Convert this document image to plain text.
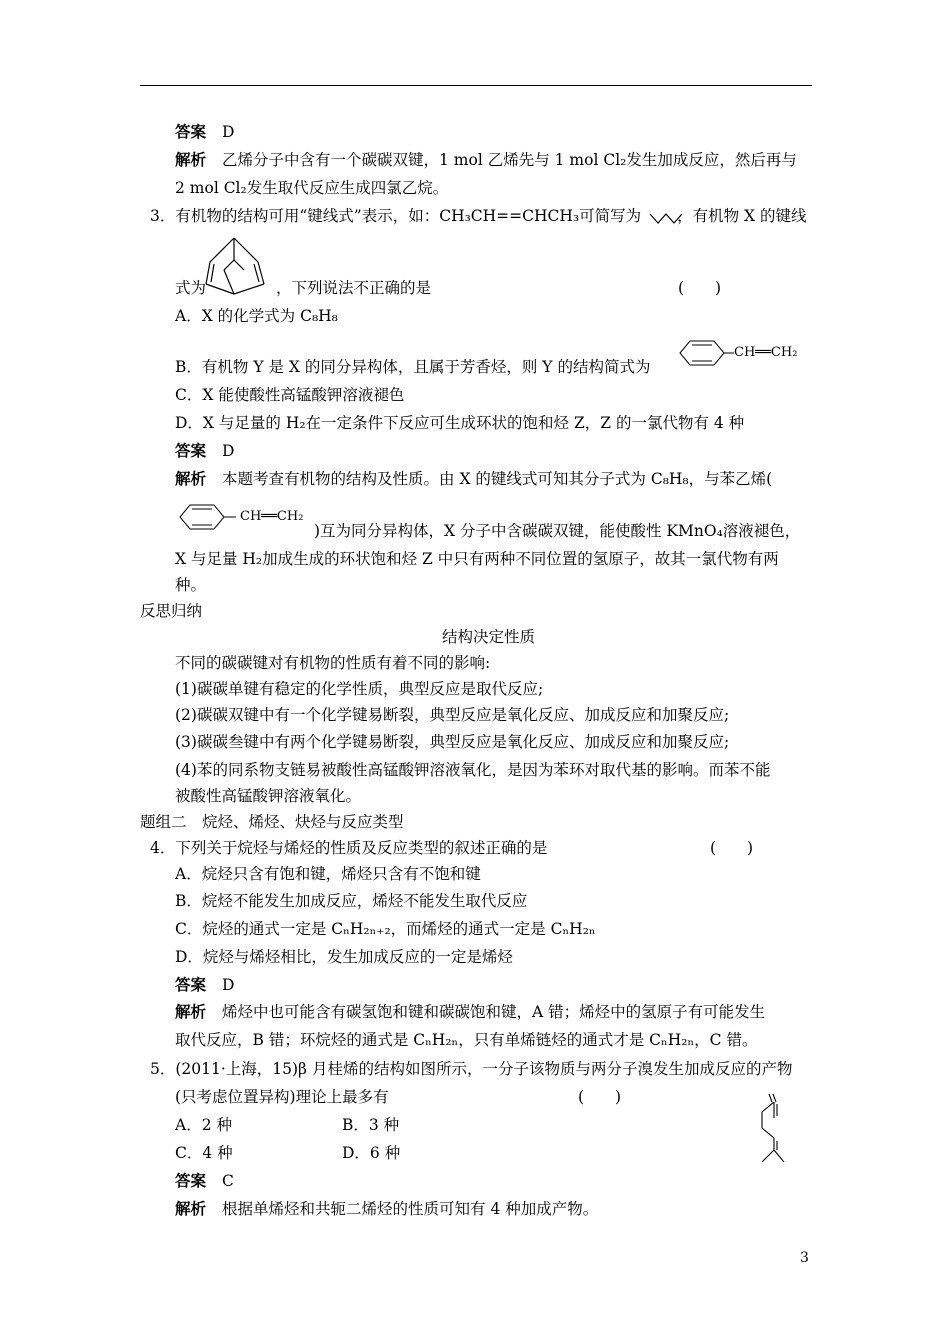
答案 D
解析 乙烯分子中含有一个碳碳双键，1 mol 乙烯先与 1 mol Cl₂发生加成反应，然后再与
2 mol Cl₂发生取代反应生成四氯乙烷。
3．有机物的结构可用“键线式”表示，如：CH₃CH==CHCH₃可简写为 ，有机物 X 的键线
式为	，下列说法不正确的是	(　　)
A．X 的化学式为 C₈H₈
B．有机物 Y 是 X 的同分异构体，且属于芳香烃，则 Y 的结构简式为
CH══CH₂
C．X 能使酸性高锰酸钾溶液褪色
D．X 与足量的 H₂在一定条件下反应可生成环状的饱和烃 Z，Z 的一氯代物有 4 种
答案 D
解析 本题考查有机物的结构及性质。由 X 的键线式可知其分子式为 C₈H₈，与苯乙烯(
CH══CH₂
)互为同分异构体，X 分子中含碳碳双键，能使酸性 KMnO₄溶液褪色，
X 与足量 H₂加成生成的环状饱和烃 Z 中只有两种不同位置的氢原子，故其一氯代物有两
种。
反思归纳
结构决定性质
不同的碳碳键对有机物的性质有着不同的影响:
(1)碳碳单键有稳定的化学性质，典型反应是取代反应;
(2)碳碳双键中有一个化学键易断裂，典型反应是氧化反应、加成反应和加聚反应;
(3)碳碳叁键中有两个化学键易断裂，典型反应是氧化反应、加成反应和加聚反应;
(4)苯的同系物支链易被酸性高锰酸钾溶液氧化，是因为苯环对取代基的影响。而苯不能
被酸性高锰酸钾溶液氧化。
题组二　烷烃、烯烃、炔烃与反应类型
4．下列关于烷烃与烯烃的性质及反应类型的叙述正确的是	(　　)
A．烷烃只含有饱和键，烯烃只含有不饱和键
B．烷烃不能发生加成反应，烯烃不能发生取代反应
C．烷烃的通式一定是 CₙH₂ₙ₊₂，而烯烃的通式一定是 CₙH₂ₙ
D．烷烃与烯烃相比，发生加成反应的一定是烯烃
答案 D
解析 烯烃中也可能含有碳氢饱和键和碳碳饱和键，A 错；烯烃中的氢原子有可能发生
取代反应，B 错；环烷烃的通式是 CₙH₂ₙ，只有单烯链烃的通式才是 CₙH₂ₙ，C 错。
5．(2011·上海，15)β 月桂烯的结构如图所示，一分子该物质与两分子溴发生加成反应的产物
(只考虑位置异构)理论上最多有	(　　)
A．2 种	B．3 种
C．4 种	D．6 种
答案 C
解析 根据单烯烃和共轭二烯烃的性质可知有 4 种加成产物。
3
